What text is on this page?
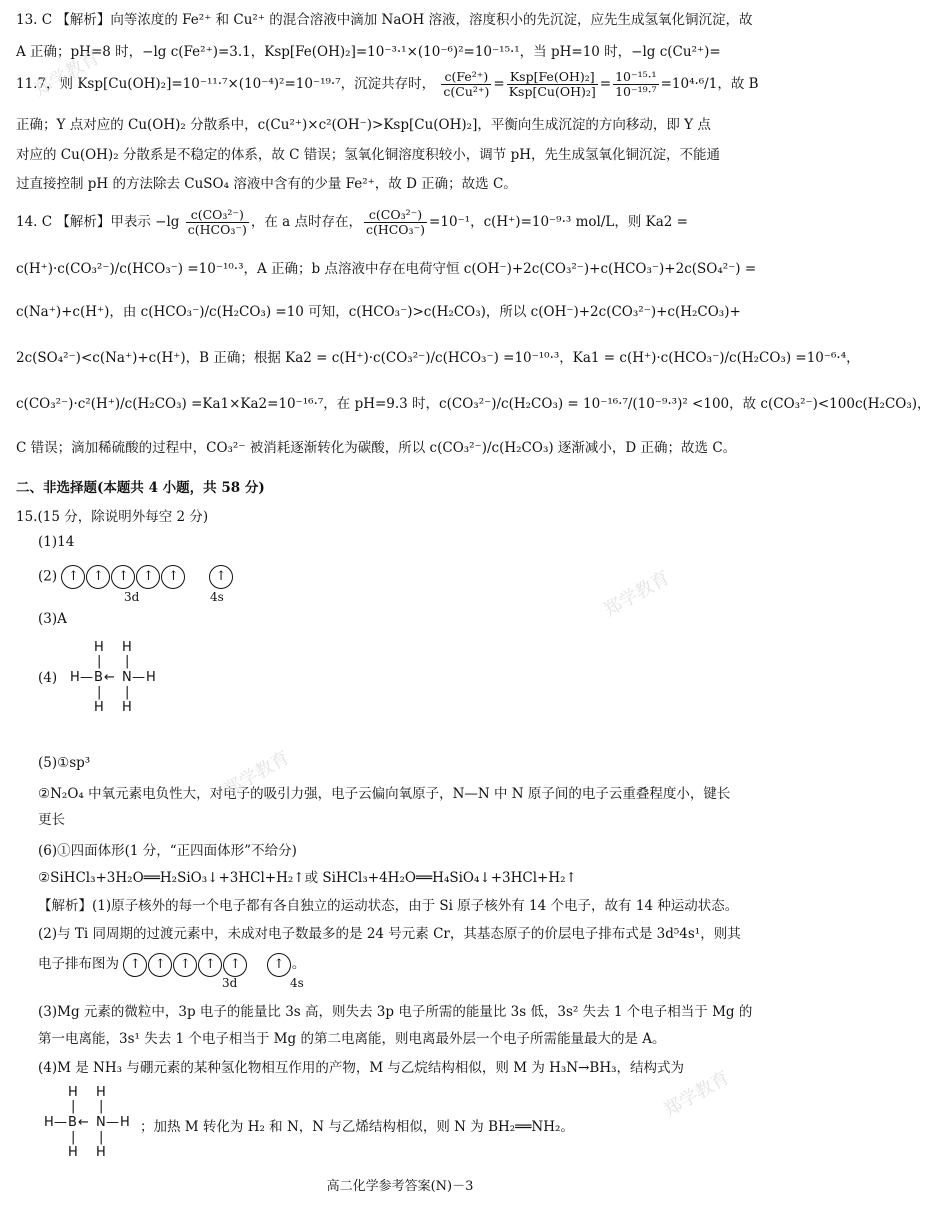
13. C 【解析】向等浓度的 Fe²⁺ 和 Cu²⁺ 的混合溶液中滴加 NaOH 溶液，溶度积小的先沉淀，应先生成氢氧化铜沉淀，故
A 正确；pH=8 时，−lg c(Fe²⁺)=3.1，Ksp[Fe(OH)₂]=10⁻³·¹×(10⁻⁶)²=10⁻¹⁵·¹，当 pH=10 时，−lg c(Cu²⁺)=
11.7，则 Ksp[Cu(OH)₂]=10⁻¹¹·⁷×(10⁻⁴)²=10⁻¹⁹·⁷，沉淀共存时， $\frac{\text{c(Fe²⁺)}}{\text{c(Cu²⁺)}} = \frac{\text{Ksp[Fe(OH)₂]}}{\text{Ksp[Cu(OH)₂]}} = \frac{\text{10⁻¹⁵·¹}}{\text{10⁻¹⁹·⁷}} =10^4\cdot^6/1$，故 B
正确；Y 点对应的 Cu(OH)₂ 分散系中，c(Cu²⁺)×c²(OH⁻)>Ksp[Cu(OH)₂]，平衡向生成沉淀的方向移动，即 Y 点
对应的 Cu(OH)₂ 分散系是不稳定的体系，故 C 错误；氢氧化铜溶度积较小，调节 pH，先生成氢氧化铜沉淀，不能通
过直接控制 pH 的方法除去 CuSO₄ 溶液中含有的少量 Fe²⁺，故 D 正确；故选 C。
14. C 【解析】甲表示 $-\lg \frac{\text{c(CO₃²⁻)}}{\text{c(HCO₃⁻)}}$ ，在 a 点时存在， $\frac{\text{c(CO₃²⁻)}}{\text{c(HCO₃⁻)}} =10^{-1}$，c(H⁺)=10⁻⁹·³ mol/L，则 Ka2 =
c(H⁺)·c(CO₃²⁻)/c(HCO₃⁻) =10⁻¹⁰·³，A 正确；b 点溶液中存在电荷守恒 c(OH⁻)+2c(CO₃²⁻)+c(HCO₃⁻)+2c(SO₄²⁻) =
c(Na⁺)+c(H⁺)，由 c(HCO₃⁻)/c(H₂CO₃) =10 可知，c(HCO₃⁻)>c(H₂CO₃)，所以 c(OH⁻)+2c(CO₃²⁻)+c(H₂CO₃)+
2c(SO₄²⁻)<c(Na⁺)+c(H⁺)，B 正确；根据 Ka2 = c(H⁺)·c(CO₃²⁻)/c(HCO₃⁻) =10⁻¹⁰·³，Ka1 = c(H⁺)·c(HCO₃⁻)/c(H₂CO₃) =10⁻⁶·⁴，
c(CO₃²⁻)·c²(H⁺)/c(H₂CO₃) =Ka1×Ka2=10⁻¹⁶·⁷，在 pH=9.3 时，c(CO₃²⁻)/c(H₂CO₃) = 10⁻¹⁶·⁷/(10⁻⁹·³)² <100，故 c(CO₃²⁻)<100c(H₂CO₃)，
C 错误；滴加稀硫酸的过程中，CO₃²⁻ 被消耗逐渐转化为碳酸，所以 c(CO₃²⁻)/c(H₂CO₃) 逐渐减小，D 正确；故选 C。
二、非选择题(本题共 4 小题，共 58 分)
15.(15 分，除说明外每空 2 分)
(1)14
(2) ↑ ↑ ↑ ↑ ↑	↑
3d	4s
(3)A
(4)
H H
| |
H — B ← N — H
| |
H H
(5)①sp³
②N₂O₄ 中氧元素电负性大，对电子的吸引力强，电子云偏向氧原子，N—N 中 N 原子间的电子云重叠程度小，键长
更长
(6)①四面体形(1 分，“正四面体形”不给分)
②SiHCl₃+3H₂O══H₂SiO₃↓+3HCl+H₂↑或 SiHCl₃+4H₂O══H₄SiO₄↓+3HCl+H₂↑
【解析】(1)原子核外的每一个电子都有各自独立的运动状态，由于 Si 原子核外有 14 个电子，故有 14 种运动状态。
(2)与 Ti 同周期的过渡元素中，未成对电子数最多的是 24 号元素 Cr，其基态原子的价层电子排布式是 3d⁵4s¹，则其
电子排布图为 ↑ ↑ ↑ ↑ ↑	↑ 。
3d	4s
(3)Mg 元素的微粒中，3p 电子的能量比 3s 高，则失去 3p 电子所需的能量比 3s 低，3s² 失去 1 个电子相当于 Mg 的
第一电离能，3s¹ 失去 1 个电子相当于 Mg 的第二电离能，则电离最外层一个电子所需能量最大的是 A。
(4)M 是 NH₃ 与硼元素的某种氢化物相互作用的产物，M 与乙烷结构相似，则 M 为 H₃N→BH₃，结构式为
H H
| |
H — B ← N — H
| |
H H
；加热 M 转化为 H₂ 和 N，N 与乙烯结构相似，则 N 为 BH₂══NH₂。
高二化学参考答案(N)－3
郑学教育
郑学教育
郑学教育
郑学教育
